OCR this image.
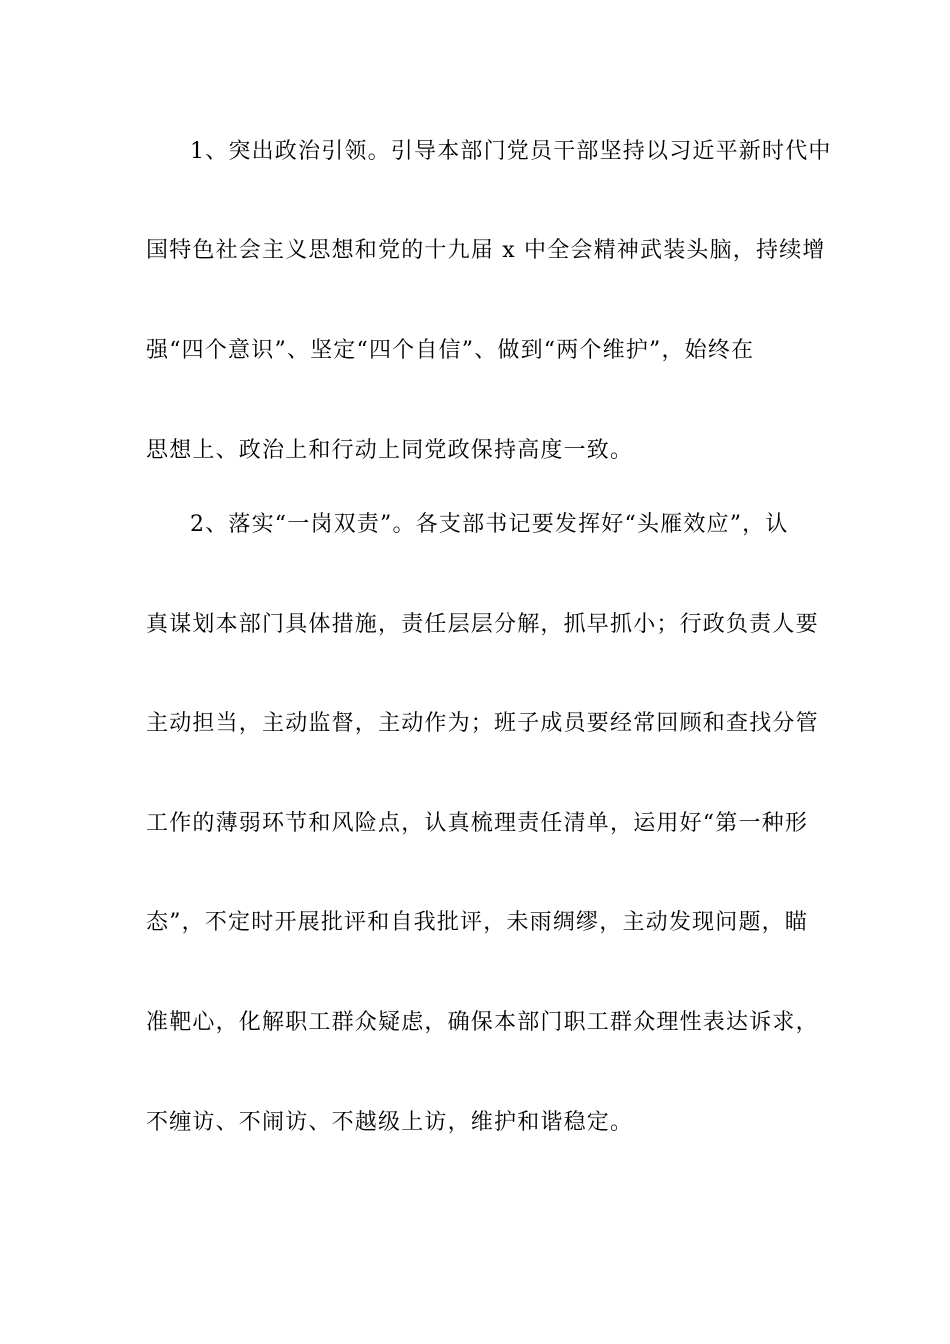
1、突出政治引领。引导本部门党员干部坚持以习近平新时代中
国特色社会主义思想和党的十九届 x 中全会精神武装头脑，持续增
强“四个意识”、坚定“四个自信”、做到“两个维护”，始终在
思想上、政治上和行动上同党政保持高度一致。
2、落实“一岗双责”。各支部书记要发挥好“头雁效应”，认
真谋划本部门具体措施，责任层层分解，抓早抓小；行政负责人要
主动担当，主动监督，主动作为；班子成员要经常回顾和查找分管
工作的薄弱环节和风险点，认真梳理责任清单，运用好“第一种形
态”，不定时开展批评和自我批评，未雨绸缪，主动发现问题，瞄
准靶心，化解职工群众疑虑，确保本部门职工群众理性表达诉求，
不缠访、不闹访、不越级上访，维护和谐稳定。
